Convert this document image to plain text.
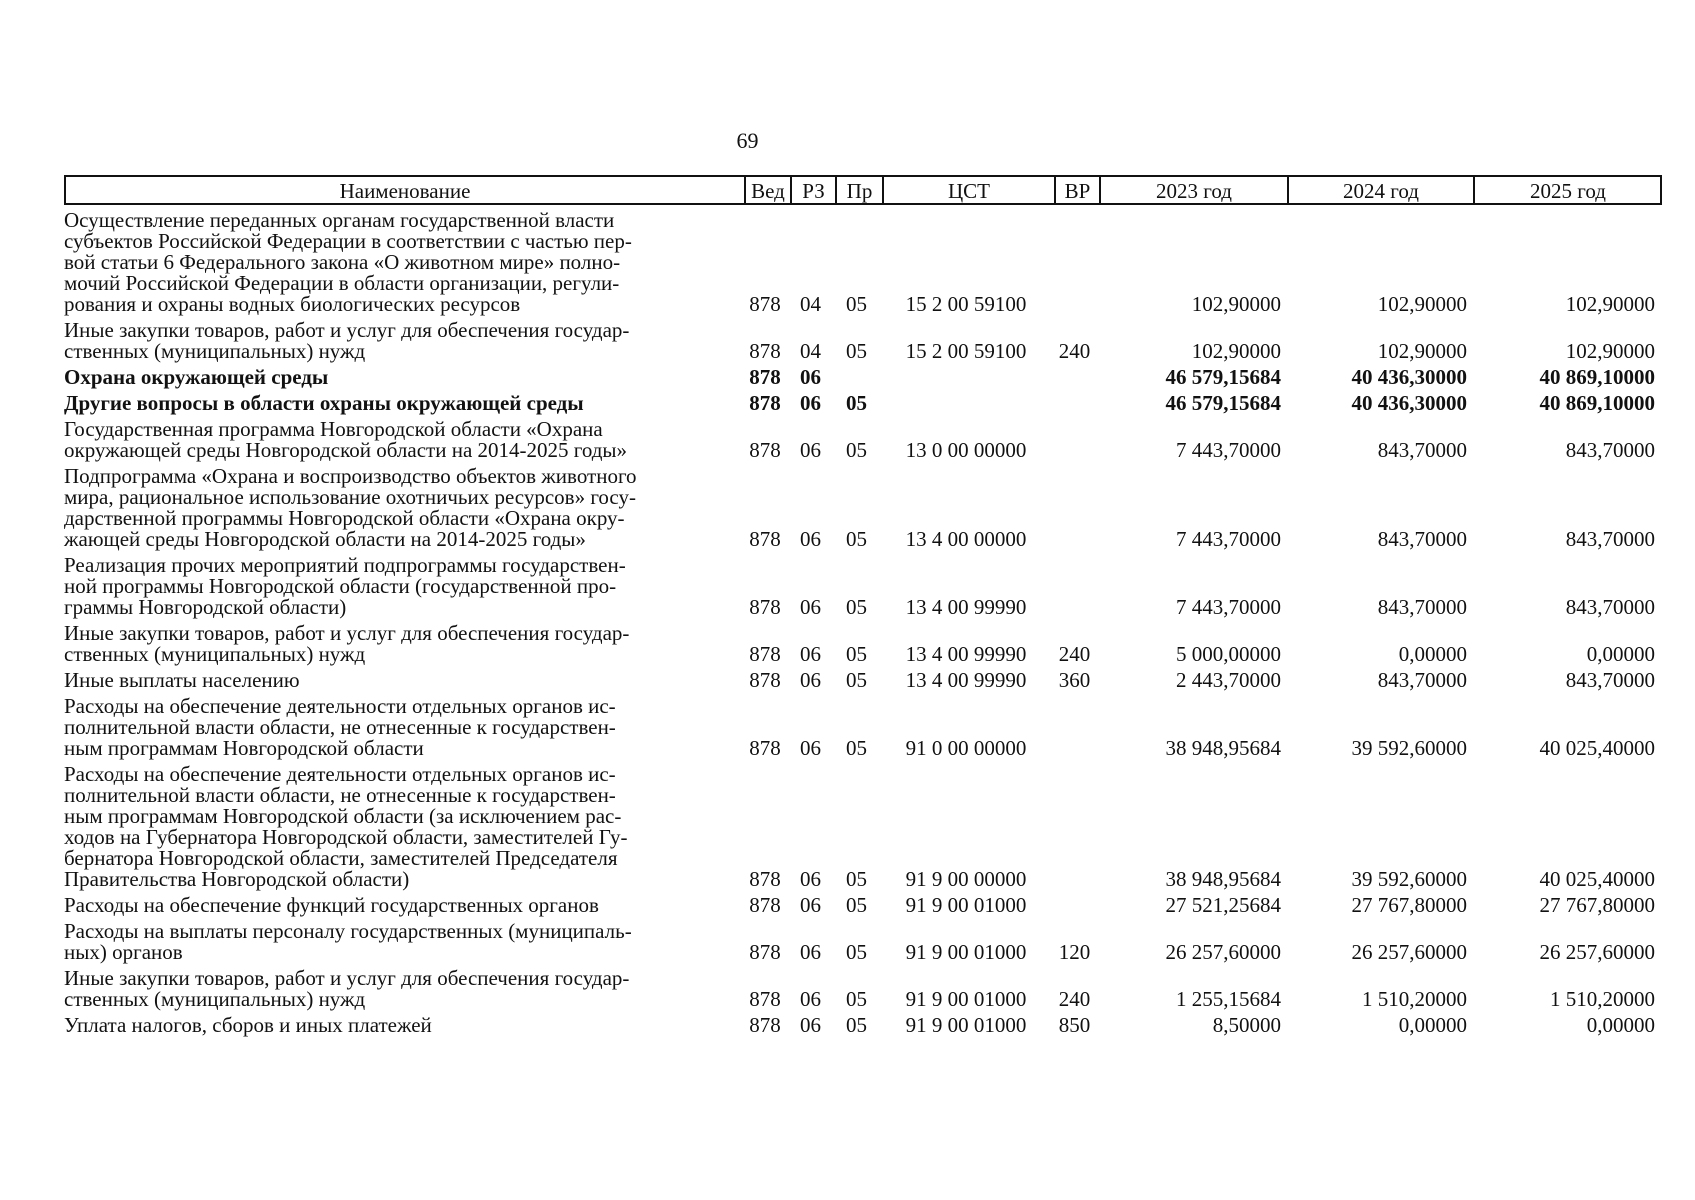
69
Наименование	Вед РЗ	Пр	ЦСТ	ВР	2023 год	2024 год	2025 год
Осуществление переданных органам государственной власти
субъектов Российской Федерации в соответствии с частью пер-
вой статьи 6 Федерального закона «О животном мире» полно-
мочий Российской Федерации в области организации, регули-
рования и охраны водных биологических ресурсов	878 04	05	15 2 00 59100	102,90000	102,90000	102,90000
Иные закупки товаров, работ и услуг для обеспечения государ-
ственных (муниципальных) нужд	878 04	05	15 2 00 59100	240	102,90000	102,90000	102,90000
Охрана окружающей среды	878 06	46 579,15684	40 436,30000	40 869,10000
Другие вопросы в области охраны окружающей среды	878 06	05	46 579,15684	40 436,30000	40 869,10000
Государственная программа Новгородской области «Охрана
окружающей среды Новгородской области на 2014-2025 годы»	878 06	05	13 0 00 00000	7 443,70000	843,70000	843,70000
Подпрограмма «Охрана и воспроизводство объектов животного
мира, рациональное использование охотничьих ресурсов» госу-
дарственной программы Новгородской области «Охрана окру-
жающей среды Новгородской области на 2014-2025 годы»	878 06	05	13 4 00 00000	7 443,70000	843,70000	843,70000
Реализация прочих мероприятий подпрограммы государствен-
ной программы Новгородской области (государственной про-
граммы Новгородской области)	878 06	05	13 4 00 99990	7 443,70000	843,70000	843,70000
Иные закупки товаров, работ и услуг для обеспечения государ-
ственных (муниципальных) нужд	878 06	05	13 4 00 99990	240	5 000,00000	0,00000	0,00000
Иные выплаты населению	878 06	05	13 4 00 99990	360	2 443,70000	843,70000	843,70000
Расходы на обеспечение деятельности отдельных органов ис-
полнительной власти области, не отнесенные к государствен-
ным программам Новгородской области	878 06	05	91 0 00 00000	38 948,95684	39 592,60000	40 025,40000
Расходы на обеспечение деятельности отдельных органов ис-
полнительной власти области, не отнесенные к государствен-
ным программам Новгородской области (за исключением рас-
ходов на Губернатора Новгородской области, заместителей Гу-
бернатора Новгородской области, заместителей Председателя
Правительства Новгородской области)	878 06	05	91 9 00 00000	38 948,95684	39 592,60000	40 025,40000
Расходы на обеспечение функций государственных органов	878 06	05	91 9 00 01000	27 521,25684	27 767,80000	27 767,80000
Расходы на выплаты персоналу государственных (муниципаль-
ных) органов	878 06	05	91 9 00 01000	120	26 257,60000	26 257,60000	26 257,60000
Иные закупки товаров, работ и услуг для обеспечения государ-
ственных (муниципальных) нужд	878 06	05	91 9 00 01000	240	1 255,15684	1 510,20000	1 510,20000
Уплата налогов, сборов и иных платежей	878 06	05	91 9 00 01000	850	8,50000	0,00000	0,00000
